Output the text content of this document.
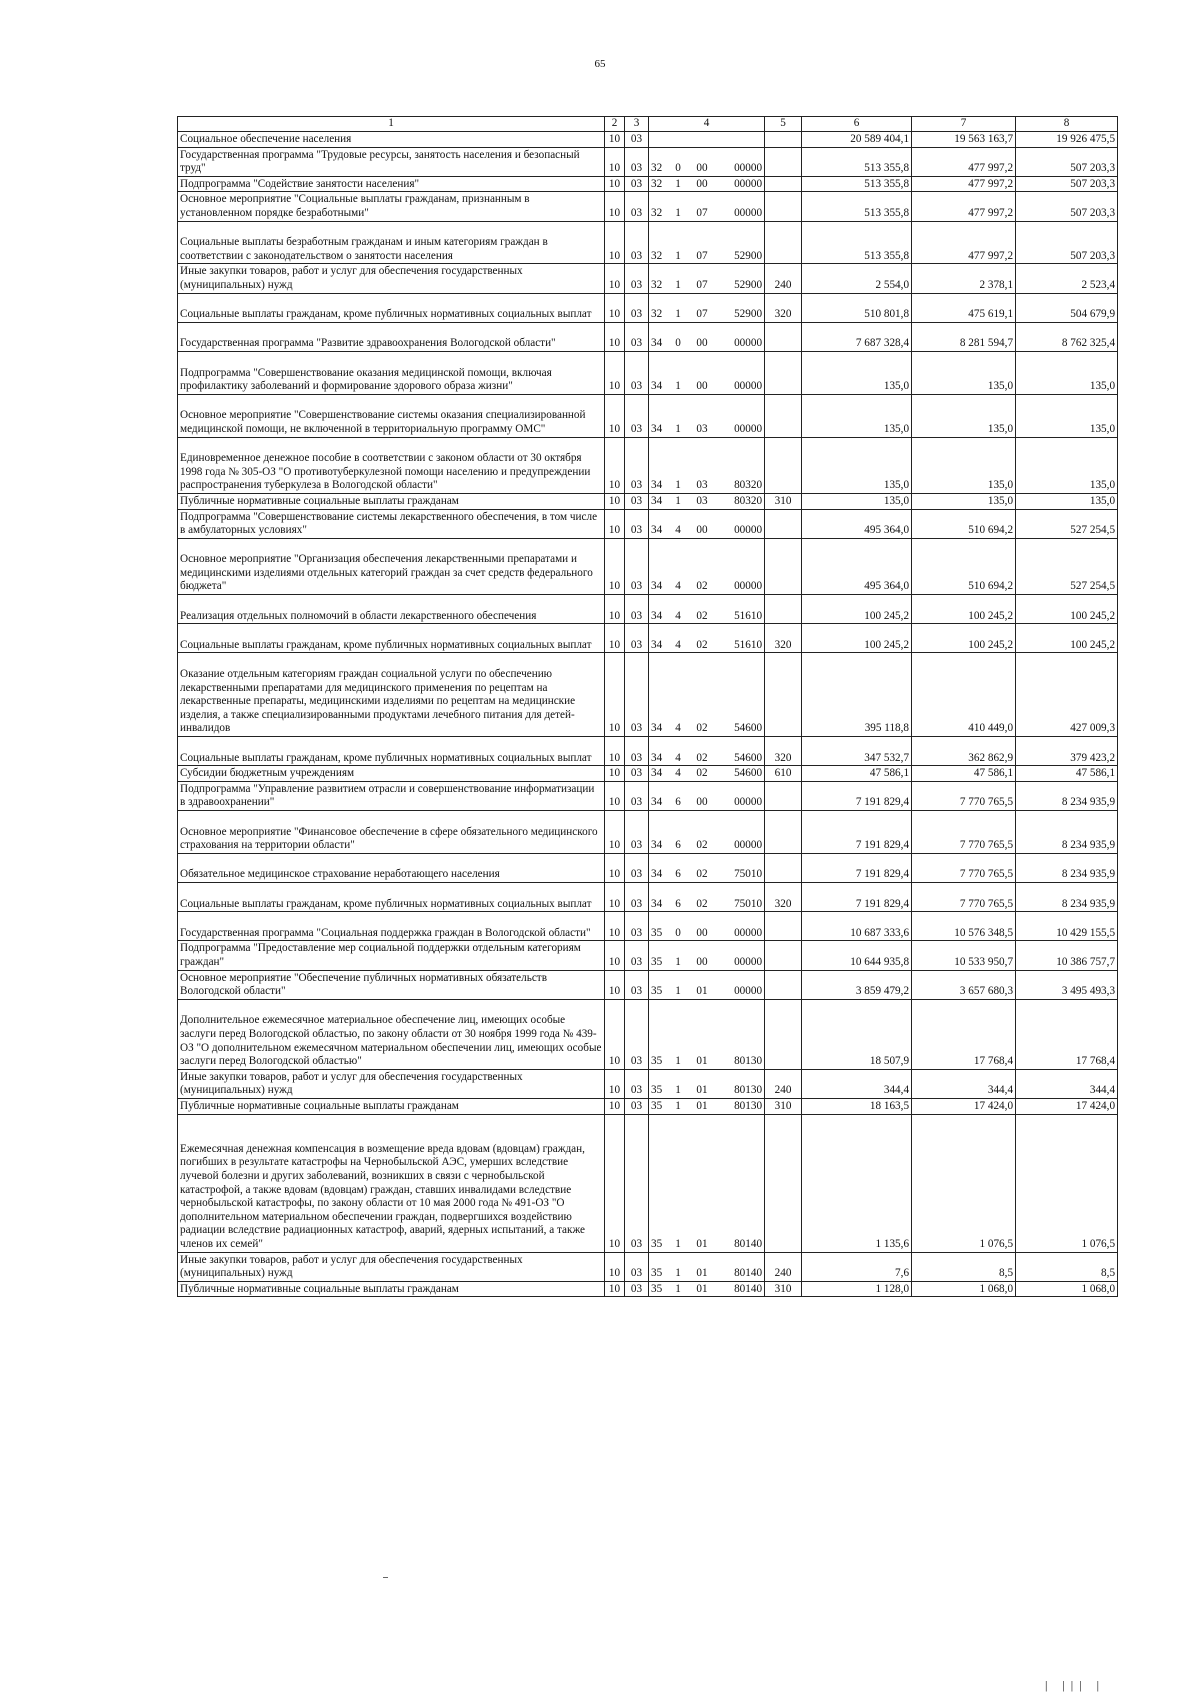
65
1	2	3	4				5	6	7	8
Социальное обеспечение населения	10	03						20 589 404,1	19 563 163,7	19 926 475,5
Государственная программа "Трудовые ресурсы, занятость населения и безопасный труд"	10	03	32	0	00	00000		513 355,8	477 997,2	507 203,3
Подпрограмма "Содействие занятости населения"	10	03	32	1	00	00000		513 355,8	477 997,2	507 203,3
Основное мероприятие "Социальные выплаты гражданам, признанным в установленном порядке безработными"	10	03	32	1	07	00000		513 355,8	477 997,2	507 203,3
Социальные выплаты безработным гражданам и иным категориям граждан в соответствии с законодательством о занятости населения	10	03	32	1	07	52900		513 355,8	477 997,2	507 203,3
Иные закупки товаров, работ и услуг для обеспечения государственных (муниципальных) нужд	10	03	32	1	07	52900	240	2 554,0	2 378,1	2 523,4
Социальные выплаты гражданам, кроме публичных нормативных социальных выплат	10	03	32	1	07	52900	320	510 801,8	475 619,1	504 679,9
Государственная программа "Развитие здравоохранения Вологодской области"	10	03	34	0	00	00000		7 687 328,4	8 281 594,7	8 762 325,4
Подпрограмма "Совершенствование оказания медицинской помощи, включая профилактику заболеваний и формирование здорового образа жизни"	10	03	34	1	00	00000		135,0	135,0	135,0
Основное мероприятие "Совершенствование системы оказания специализированной медицинской помощи, не включенной в территориальную программу ОМС"	10	03	34	1	03	00000		135,0	135,0	135,0
Единовременное денежное пособие в соответствии с законом области от 30 октября 1998 года № 305-ОЗ "О противотуберкулезной помощи населению и предупреждении распространения туберкулеза в Вологодской области"	10	03	34	1	03	80320		135,0	135,0	135,0
Публичные нормативные социальные выплаты гражданам	10	03	34	1	03	80320	310	135,0	135,0	135,0
Подпрограмма "Совершенствование системы лекарственного обеспечения, в том числе в амбулаторных условиях"	10	03	34	4	00	00000		495 364,0	510 694,2	527 254,5
Основное мероприятие "Организация обеспечения лекарственными препаратами и медицинскими изделиями отдельных категорий граждан за счет средств федерального бюджета"	10	03	34	4	02	00000		495 364,0	510 694,2	527 254,5
Реализация отдельных полномочий в области лекарственного обеспечения	10	03	34	4	02	51610		100 245,2	100 245,2	100 245,2
Социальные выплаты гражданам, кроме публичных нормативных социальных выплат	10	03	34	4	02	51610	320	100 245,2	100 245,2	100 245,2
Оказание отдельным категориям граждан социальной услуги по обеспечению лекарственными препаратами для медицинского применения по рецептам на лекарственные препараты, медицинскими изделиями по рецептам на медицинские изделия, а также специализированными продуктами лечебного питания для детей-инвалидов	10	03	34	4	02	54600		395 118,8	410 449,0	427 009,3
Социальные выплаты гражданам, кроме публичных нормативных социальных выплат	10	03	34	4	02	54600	320	347 532,7	362 862,9	379 423,2
Субсидии бюджетным учреждениям	10	03	34	4	02	54600	610	47 586,1	47 586,1	47 586,1
Подпрограмма "Управление развитием отрасли и совершенствование информатизации в здравоохранении"	10	03	34	6	00	00000		7 191 829,4	7 770 765,5	8 234 935,9
Основное мероприятие "Финансовое обеспечение в сфере обязательного медицинского страхования на территории области"	10	03	34	6	02	00000		7 191 829,4	7 770 765,5	8 234 935,9
Обязательное медицинское страхование неработающего населения	10	03	34	6	02	75010		7 191 829,4	7 770 765,5	8 234 935,9
Социальные выплаты гражданам, кроме публичных нормативных социальных выплат	10	03	34	6	02	75010	320	7 191 829,4	7 770 765,5	8 234 935,9
Государственная программа "Социальная поддержка граждан в Вологодской области"	10	03	35	0	00	00000		10 687 333,6	10 576 348,5	10 429 155,5
Подпрограмма "Предоставление мер социальной поддержки отдельным категориям граждан"	10	03	35	1	00	00000		10 644 935,8	10 533 950,7	10 386 757,7
Основное мероприятие "Обеспечение публичных нормативных обязательств Вологодской области"	10	03	35	1	01	00000		3 859 479,2	3 657 680,3	3 495 493,3
Дополнительное ежемесячное материальное обеспечение лиц, имеющих особые заслуги перед Вологодской областью, по закону области от 30 ноября 1999 года № 439-ОЗ "О дополнительном ежемесячном материальном обеспечении лиц, имеющих особые заслуги перед Вологодской областью"	10	03	35	1	01	80130		18 507,9	17 768,4	17 768,4
Иные закупки товаров, работ и услуг для обеспечения государственных (муниципальных) нужд	10	03	35	1	01	80130	240	344,4	344,4	344,4
Публичные нормативные социальные выплаты гражданам	10	03	35	1	01	80130	310	18 163,5	17 424,0	17 424,0
Ежемесячная денежная компенсация в возмещение вреда вдовам (вдовцам) граждан, погибших в результате катастрофы на Чернобыльской АЭС, умерших вследствие лучевой болезни и других заболеваний, возникших в связи с чернобыльской катастрофой, а также вдовам (вдовцам) граждан, ставших инвалидами вследствие чернобыльской катастрофы, по закону области от 10 мая 2000 года № 491-ОЗ "О дополнительном материальном обеспечении граждан, подвергшихся воздействию радиации вследствие радиационных катастроф, аварий, ядерных испытаний, а также членов их семей"	10	03	35	1	01	80140		1 135,6	1 076,5	1 076,5
Иные закупки товаров, работ и услуг для обеспечения государственных (муниципальных) нужд	10	03	35	1	01	80140	240	7,6	8,5	8,5
Публичные нормативные социальные выплаты гражданам	10	03	35	1	01	80140	310	1 128,0	1 068,0	1 068,0
| ||| |
